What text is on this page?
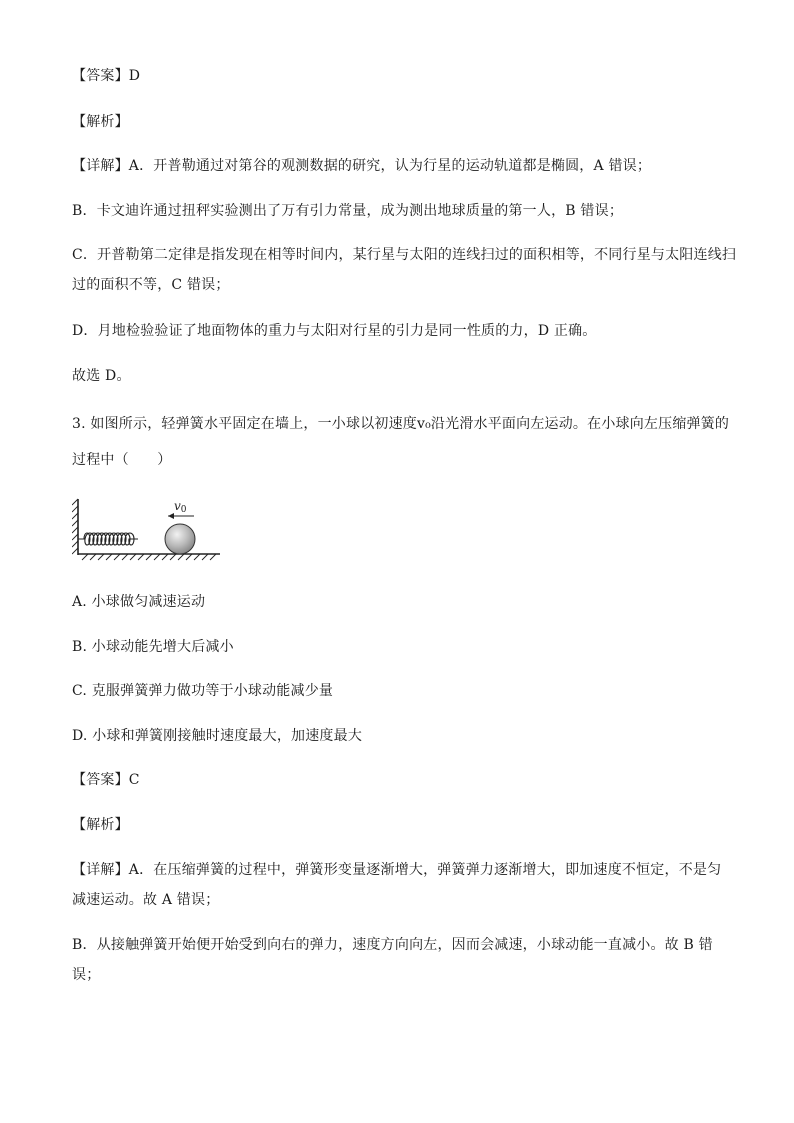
【答案】D
【解析】
【详解】A．开普勒通过对第谷的观测数据的研究，认为行星的运动轨道都是椭圆，A 错误；
B．卡文迪许通过扭秤实验测出了万有引力常量，成为测出地球质量的第一人，B 错误；
C．开普勒第二定律是指发现在相等时间内，某行星与太阳的连线扫过的面积相等，不同行星与太阳连线扫
过的面积不等，C 错误；
D．月地检验验证了地面物体的重力与太阳对行星的引力是同一性质的力，D 正确。
故选 D。
3. 如图所示，轻弹簧水平固定在墙上，一小球以初速度v₀沿光滑水平面向左运动。在小球向左压缩弹簧的
过程中（　　）
v0
A. 小球做匀减速运动
B. 小球动能先增大后减小
C. 克服弹簧弹力做功等于小球动能减少量
D. 小球和弹簧刚接触时速度最大，加速度最大
【答案】C
【解析】
【详解】A．在压缩弹簧的过程中，弹簧形变量逐渐增大，弹簧弹力逐渐增大，即加速度不恒定，不是匀
减速运动。故 A 错误；
B．从接触弹簧开始便开始受到向右的弹力，速度方向向左，因而会减速，小球动能一直减小。故 B 错
误；
